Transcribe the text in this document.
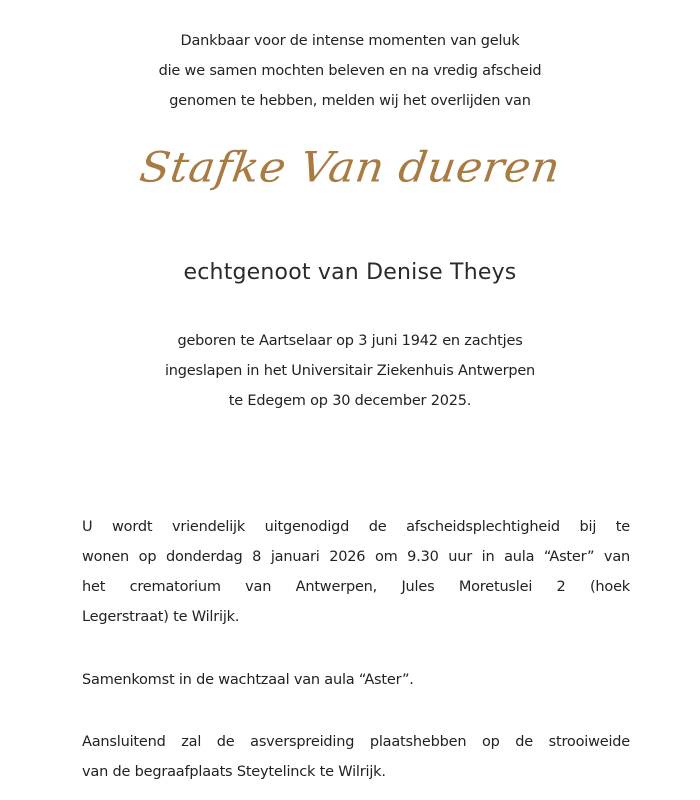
Dankbaar voor de intense momenten van geluk
die we samen mochten beleven en na vredig afscheid
genomen te hebben, melden wij het overlijden van
Stafke Van dueren
echtgenoot van Denise Theys
geboren te Aartselaar op 3 juni 1942 en zachtjes
ingeslapen in het Universitair Ziekenhuis Antwerpen
te Edegem op 30 december 2025.
U wordt vriendelijk uitgenodigd de afscheidsplechtigheid bij te
wonen op donderdag 8 januari 2026 om 9.30 uur in aula “Aster” van
het crematorium van Antwerpen, Jules Moretuslei 2 (hoek
Legerstraat) te Wilrijk.
Samenkomst in de wachtzaal van aula “Aster”.
Aansluitend zal de asverspreiding plaatshebben op de strooiweide
van de begraafplaats Steytelinck te Wilrijk.
